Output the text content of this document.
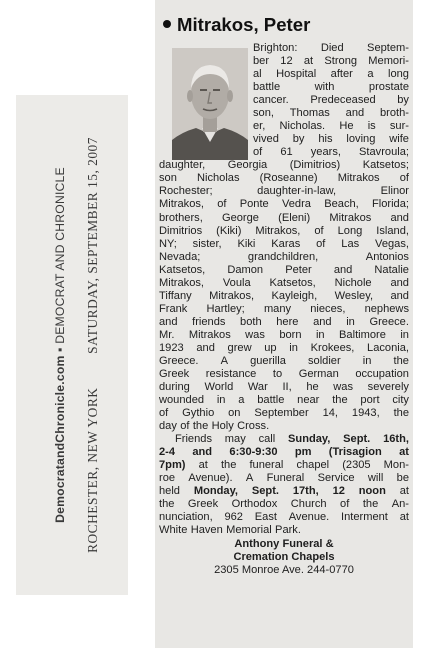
DemocratandChronicle.com ▪ DEMOCRAT AND CHRONICLE
ROCHESTER, NEW YORK  SATURDAY, SEPTEMBER 15, 2007
Mitrakos, Peter
Brighton: Died Septem-
ber 12 at Strong Memori-
al Hospital after a long
battle	with	prostate
cancer. Predeceased by
son, Thomas and broth-
er, Nicholas. He is sur-
vived by his loving wife
of 61 years, Stavroula;
daughter, Georgia (Dimitrios) Katsetos;
son Nicholas (Roseanne) Mitrakos of
Rochester;	daughter-in-law,	Elinor
Mitrakos, of Ponte Vedra Beach, Florida;
brothers, George (Eleni) Mitrakos and
Dimitrios (Kiki) Mitrakos, of Long Island,
NY; sister, Kiki Karas of Las Vegas,
Nevada;	grandchildren,	Antonios
Katsetos, Damon Peter and Natalie
Mitrakos, Voula Katsetos, Nichole and
Tiffany Mitrakos, Kayleigh, Wesley, and
Frank Hartley; many nieces, nephews
and friends both here and in Greece.
Mr. Mitrakos was born in Baltimore in
1923 and grew up in Krokees, Laconia,
Greece. A guerilla soldier in the
Greek resistance to German occupation
during World War II, he was severely
wounded in a battle near the port city
of Gythio on September 14, 1943, the
day of the Holy Cross.
Friends may call Sunday, Sept. 16th,
2-4 and 6:30-9:30 pm (Trisagion at
7pm) at the funeral chapel (2305 Mon-
roe Avenue). A Funeral Service will be
held Monday, Sept. 17th, 12 noon at
the Greek Orthodox Church of the An-
nunciation, 962 East Avenue. Interment at
White Haven Memorial Park.
Anthony Funeral &
Cremation Chapels
2305 Monroe Ave. 244-0770
